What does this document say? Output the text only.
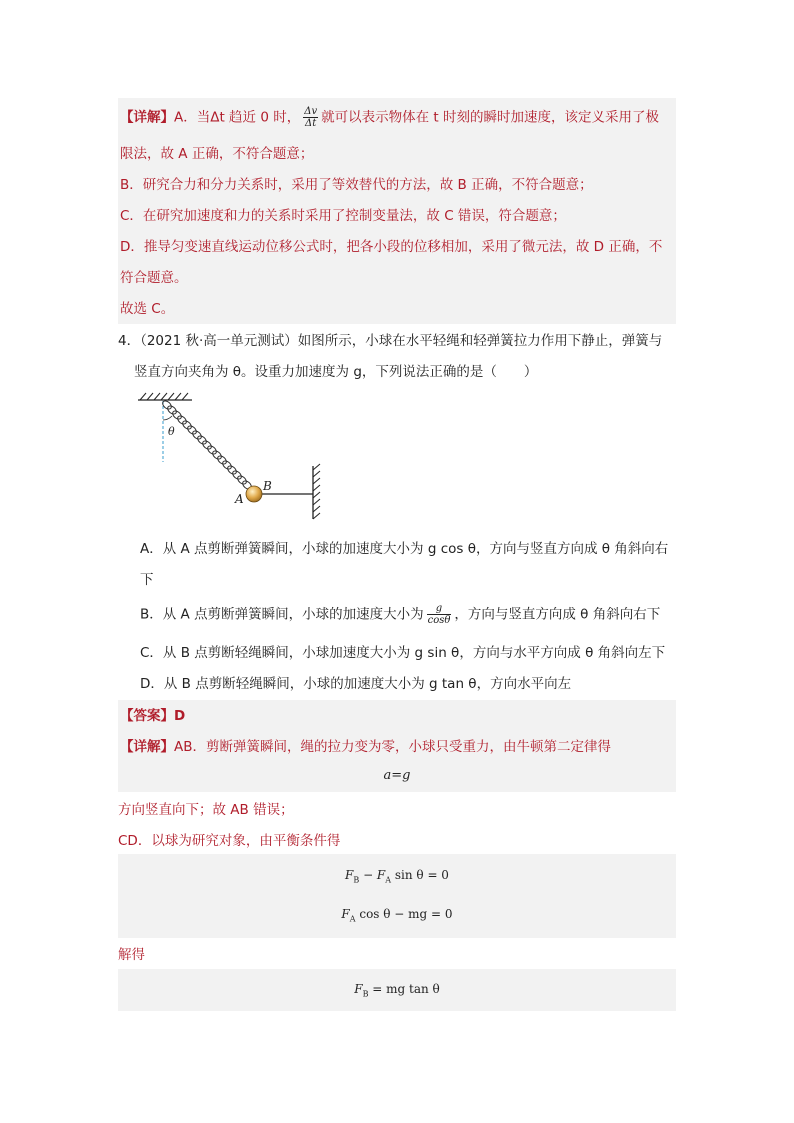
【详解】A．当Δt 趋近 0 时， $\frac{\Delta v}{\Delta t}$ 就可以表示物体在 t 时刻的瞬时加速度，该定义采用了极
限法，故 A 正确，不符合题意；
B．研究合力和分力关系时，采用了等效替代的方法，故 B 正确，不符合题意；
C．在研究加速度和力的关系时采用了控制变量法，故 C 错误，符合题意；
D．推导匀变速直线运动位移公式时，把各小段的位移相加，采用了微元法，故 D 正确，不
符合题意。
故选 C。
4．（2021 秋·高一单元测试）如图所示，小球在水平轻绳和轻弹簧拉力作用下静止，弹簧与
竖直方向夹角为 θ。设重力加速度为 g，下列说法正确的是（　　）
θ
A
B
A．从 A 点剪断弹簧瞬间，小球的加速度大小为 g cos θ，方向与竖直方向成 θ 角斜向右
下
B．从 A 点剪断弹簧瞬间，小球的加速度大小为 $\frac{g}{\cos\theta}$ ，方向与竖直方向成 θ 角斜向右下
C．从 B 点剪断轻绳瞬间，小球加速度大小为 g sin θ，方向与水平方向成 θ 角斜向左下
D．从 B 点剪断轻绳瞬间，小球的加速度大小为 g tan θ，方向水平向左
【答案】D
【详解】AB．剪断弹簧瞬间，绳的拉力变为零，小球只受重力，由牛顿第二定律得
a=g
方向竖直向下；故 AB 错误；
CD．以球为研究对象，由平衡条件得
$F_B - F_A$ sin θ = 0
$F_A$ cos θ − mg = 0
解得
$F_B$ = mg tan θ
